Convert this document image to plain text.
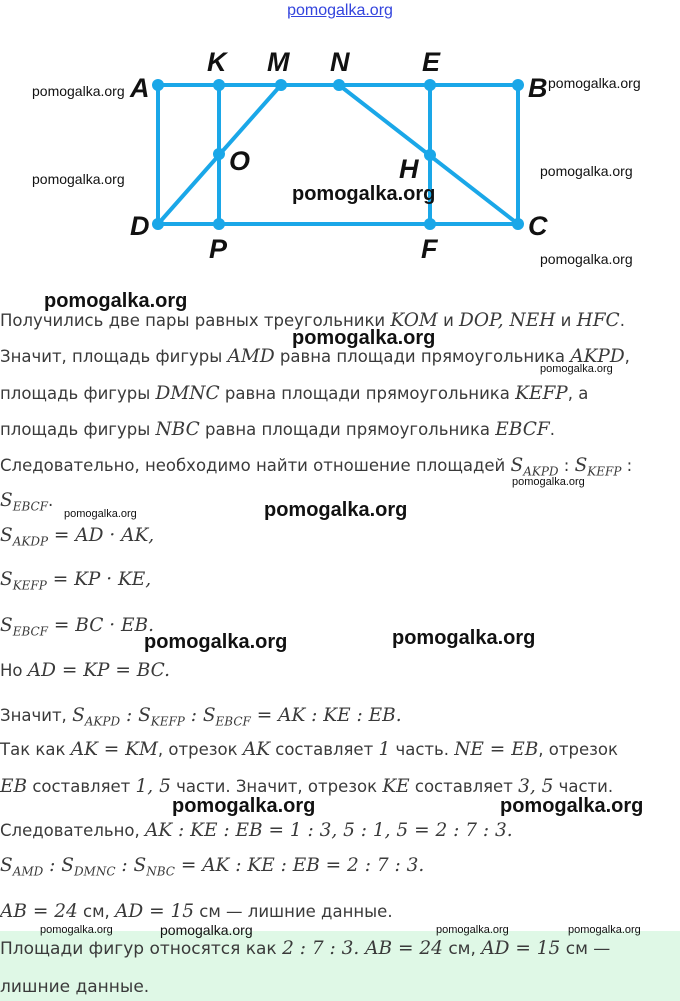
pomogalka.org
A
K M N	E
B
O	H
D
P	F
C
pomogalka.org	pomogalka.org
pomogalka.org	pomogalka.org
pomogalka.org
pomogalka.org
pomogalka.org
pomogalka.org
pomogalka.org
pomogalka.org
pomogalka.org	pomogalka.org
pomogalka.org	pomogalka.org
pomogalka.org	pomogalka.org
Получились две пары равных треугольники KOM и DOP, NEH и HFC.
Значит, площадь фигуры AMD равна площади прямоугольника AKPD,
площадь фигуры DMNC равна площади прямоугольника KEFP, а
площадь фигуры NBC равна площади прямоугольника EBCF.
Следовательно, необходимо найти отношение площадей $S_{AKPD}$ : $S_{KEFP}$ :
$S_{EBCF}$.
$S_{AKDP}$ = AD · AK,
$S_{KEFP}$ = KP · KE,
$S_{EBCF}$ = BC · EB.
Но AD = KP = BC.
Значит, $S_{AKPD}$ : $S_{KEFP}$ : $S_{EBCF}$ = AK : KE : EB.
Так как AK = KM, отрезок AK составляет 1 часть. NE = EB, отрезок
EB составляет 1, 5 части. Значит, отрезок KE составляет 3, 5 части.
Следовательно, AK : KE : EB = 1 : 3, 5 : 1, 5 = 2 : 7 : 3.
$S_{AMD}$ : $S_{DMNC}$ : $S_{NBC}$ = AK : KE : EB = 2 : 7 : 3.
AB = 24 см, AD = 15 см — лишние данные.
Площади фигур относятся как 2 : 7 : 3. AB = 24 см, AD = 15 см —
лишние данные.
pomogalka.org	pomogalka.org	pomogalka.org	pomogalka.org
